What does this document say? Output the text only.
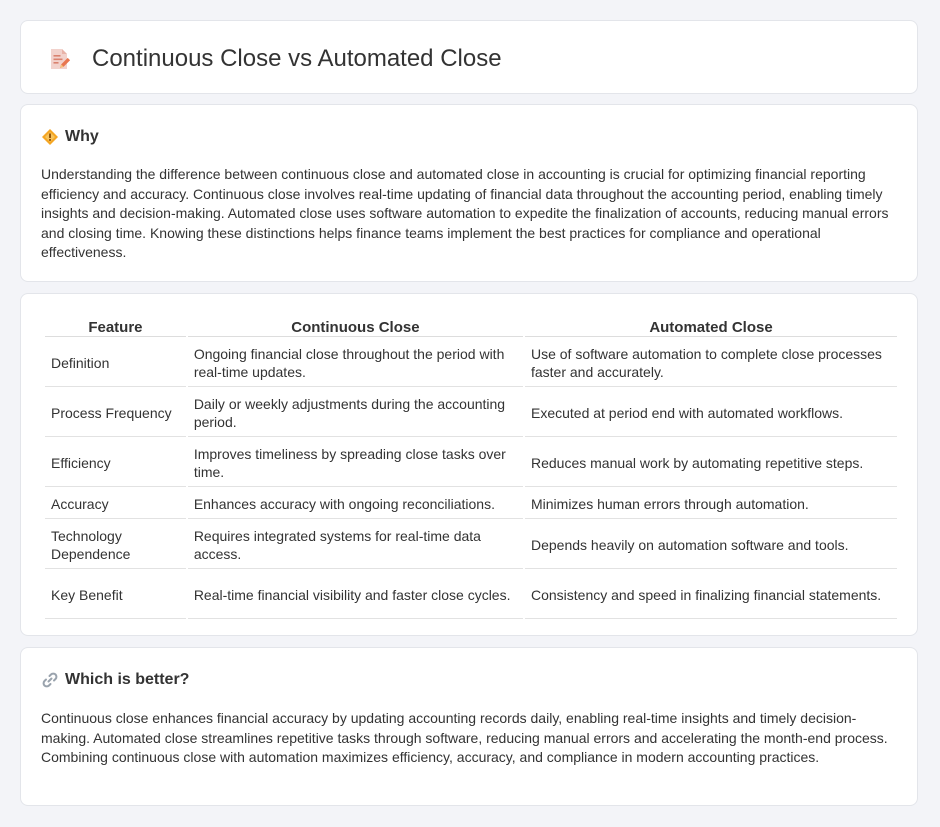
Continuous Close vs Automated Close
Why
Understanding the difference between continuous close and automated close in accounting is crucial for optimizing financial reporting efficiency and accuracy. Continuous close involves real-time updating of financial data throughout the accounting period, enabling timely insights and decision-making. Automated close uses software automation to expedite the finalization of accounts, reducing manual errors and closing time. Knowing these distinctions helps finance teams implement the best practices for compliance and operational effectiveness.
Feature	Continuous Close	Automated Close
Definition	Ongoing financial close throughout the period with real-time updates.	Use of software automation to complete close processes faster and accurately.
Process Frequency	Daily or weekly adjustments during the accounting period.	Executed at period end with automated workflows.
Efficiency	Improves timeliness by spreading close tasks over time.	Reduces manual work by automating repetitive steps.
Accuracy	Enhances accuracy with ongoing reconciliations.	Minimizes human errors through automation.
Technology Dependence	Requires integrated systems for real-time data access.	Depends heavily on automation software and tools.
Key Benefit	Real-time financial visibility and faster close cycles.	Consistency and speed in finalizing financial statements.
Which is better?
Continuous close enhances financial accuracy by updating accounting records daily, enabling real-time insights and timely decision-making. Automated close streamlines repetitive tasks through software, reducing manual errors and accelerating the month-end process. Combining continuous close with automation maximizes efficiency, accuracy, and compliance in modern accounting practices.
